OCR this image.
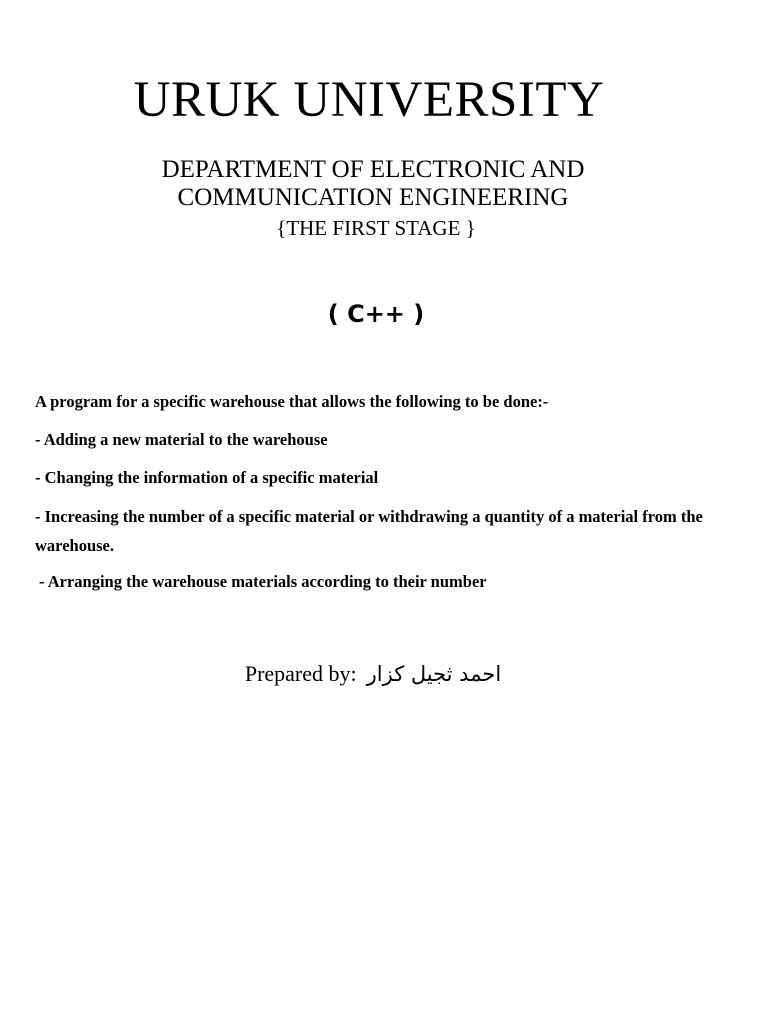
URUK UNIVERSITY
DEPARTMENT OF ELECTRONIC AND
COMMUNICATION ENGINEERING
{THE FIRST STAGE }
( C++ )

A program for a specific warehouse that allows the following to be done:-

- Adding a new material to the warehouse

- Changing the information of a specific material

- Increasing the number of a specific material or withdrawing a quantity of a material from the warehouse.

- Arranging the warehouse materials according to their number

Prepared by: احمد ثجيل كزار
